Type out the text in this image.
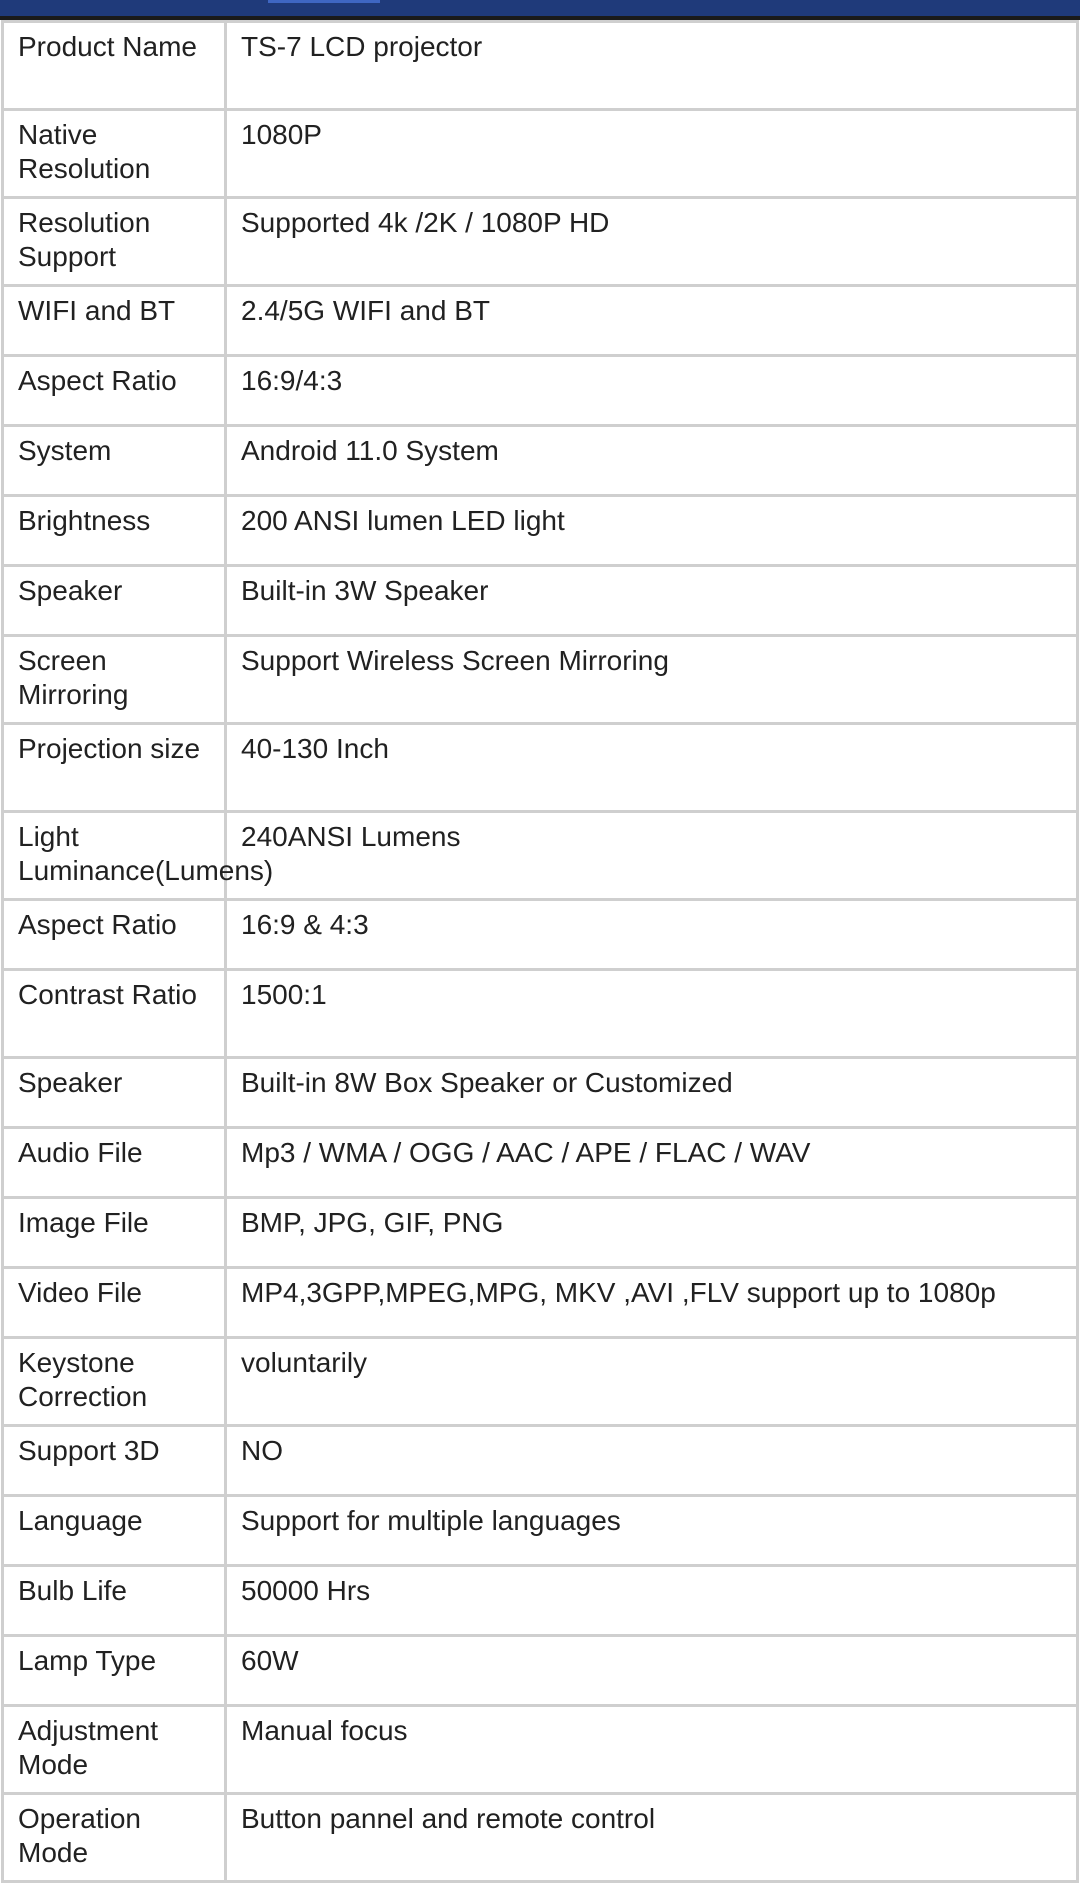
Product Name	TS-7 LCD projector

Native Resolution	1080P

Resolution Support	Supported 4k /2K / 1080P HD

WIFI and BT	2.4/5G WIFI and BT

Aspect Ratio	16:9/4:3

System	Android 11.0 System

Brightness	200 ANSI lumen LED light

Speaker	Built-in 3W Speaker

Screen Mirroring	Support Wireless Screen Mirroring

Projection size	40-130 Inch

Light Luminance(Lumens)	240ANSI Lumens

Aspect Ratio	16:9 & 4:3

Contrast Ratio	1500:1

Speaker	Built-in 8W Box Speaker or Customized

Audio File	Mp3 / WMA / OGG / AAC / APE / FLAC / WAV

Image File	BMP, JPG, GIF, PNG

Video File	MP4,3GPP,MPEG,MPG, MKV ,AVI ,FLV support up to 1080p

Keystone Correction	voluntarily

Support 3D	NO

Language	Support for multiple languages

Bulb Life	50000 Hrs

Lamp Type	60W

Adjustment Mode	Manual focus

Operation Mode	Button pannel and remote control
